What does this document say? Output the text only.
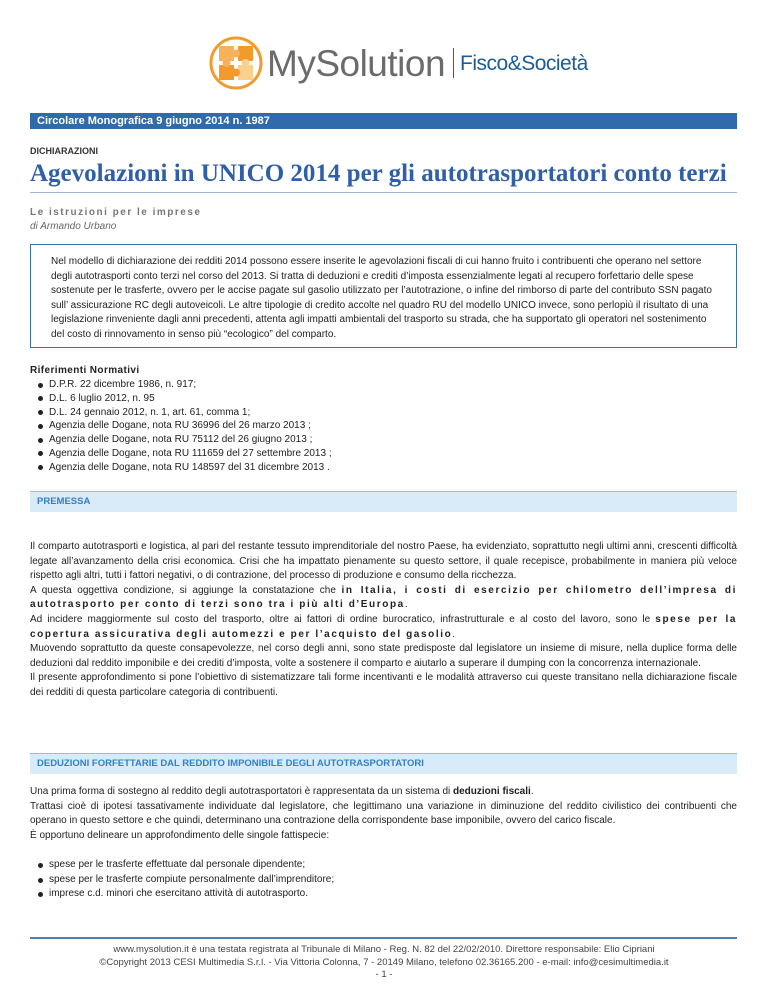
MySolution Fisco&Società
Circolare Monografica 9 giugno 2014 n. 1987
DICHIARAZIONI
Agevolazioni in UNICO 2014 per gli autotrasportatori conto terzi
Le istruzioni per le imprese
di Armando Urbano
Nel modello di dichiarazione dei redditi 2014 possono essere inserite le agevolazioni fiscali di cui hanno fruito i contribuenti che operano nel settore degli autotrasporti conto terzi nel corso del 2013. Si tratta di deduzioni e crediti d’imposta essenzialmente legati al recupero forfettario delle spese sostenute per le trasferte, ovvero per le accise pagate sul gasolio utilizzato per l’autotrazione, o infine del rimborso di parte del contributo SSN pagato sull’ assicurazione RC degli autoveicoli. Le altre tipologie di credito accolte nel quadro RU del modello UNICO invece, sono perlopiù il risultato di una legislazione rinveniente dagli anni precedenti, attenta agli impatti ambientali del trasporto su strada, che ha supportato gli operatori nel sostenimento del costo di rinnovamento in senso più “ecologico” del comparto.
Riferimenti Normativi
D.P.R. 22 dicembre 1986, n. 917;
D.L. 6 luglio 2012, n. 95
D.L. 24 gennaio 2012, n. 1, art. 61, comma 1;
Agenzia delle Dogane, nota RU 36996 del 26 marzo 2013 ;
Agenzia delle Dogane, nota RU 75112 del 26 giugno 2013 ;
Agenzia delle Dogane, nota RU 111659 del 27 settembre 2013 ;
Agenzia delle Dogane, nota RU 148597 del 31 dicembre 2013 .
PREMESSA
Il comparto autotrasporti e logistica, al pari del restante tessuto imprenditoriale del nostro Paese, ha evidenziato, soprattutto negli ultimi anni, crescenti difficoltà legate all’avanzamento della crisi economica. Crisi che ha impattato pienamente su questo settore, il quale recepisce, probabilmente in maniera più veloce rispetto agli altri, tutti i fattori negativi, o di contrazione, del processo di produzione e consumo della ricchezza.
A questa oggettiva condizione, si aggiunge la constatazione che in Italia, i costi di esercizio per chilometro dell’impresa di autotrasporto per conto di terzi sono tra i più alti d’Europa.
Ad incidere maggiormente sul costo del trasporto, oltre ai fattori di ordine burocratico, infrastrutturale e al costo del lavoro, sono le spese per la copertura assicurativa degli automezzi e per l’acquisto del gasolio.
Muovendo soprattutto da queste consapevolezze, nel corso degli anni, sono state predisposte dal legislatore un insieme di misure, nella duplice forma delle deduzioni dal reddito imponibile e dei crediti d’imposta, volte a sostenere il comparto e aiutarlo a superare il dumping con la concorrenza internazionale.
Il presente approfondimento si pone l’obiettivo di sistematizzare tali forme incentivanti e le modalità attraverso cui queste transitano nella dichiarazione fiscale dei redditi di questa particolare categoria di contribuenti.
DEDUZIONI FORFETTARIE DAL REDDITO IMPONIBILE DEGLI AUTOTRASPORTATORI
Una prima forma di sostegno al reddito degli autotrasportatori è rappresentata da un sistema di deduzioni fiscali.
Trattasi cioè di ipotesi tassativamente individuate dal legislatore, che legittimano una variazione in diminuzione del reddito civilistico dei contribuenti che operano in questo settore e che quindi, determinano una contrazione della corrispondente base imponibile, ovvero del carico fiscale.
È opportuno delineare un approfondimento delle singole fattispecie:
spese per le trasferte effettuate dal personale dipendente;
spese per le trasferte compiute personalmente dall’imprenditore;
imprese c.d. minori che esercitano attività di autotrasporto.
www.mysolution.it è una testata registrata al Tribunale di Milano - Reg. N. 82 del 22/02/2010. Direttore responsabile: Elio Cipriani
©Copyright 2013 CESI Multimedia S.r.l. - Via Vittoria Colonna, 7 - 20149 Milano, telefono 02.36165.200 - e-mail: info@cesimultimedia.it
- 1 -
